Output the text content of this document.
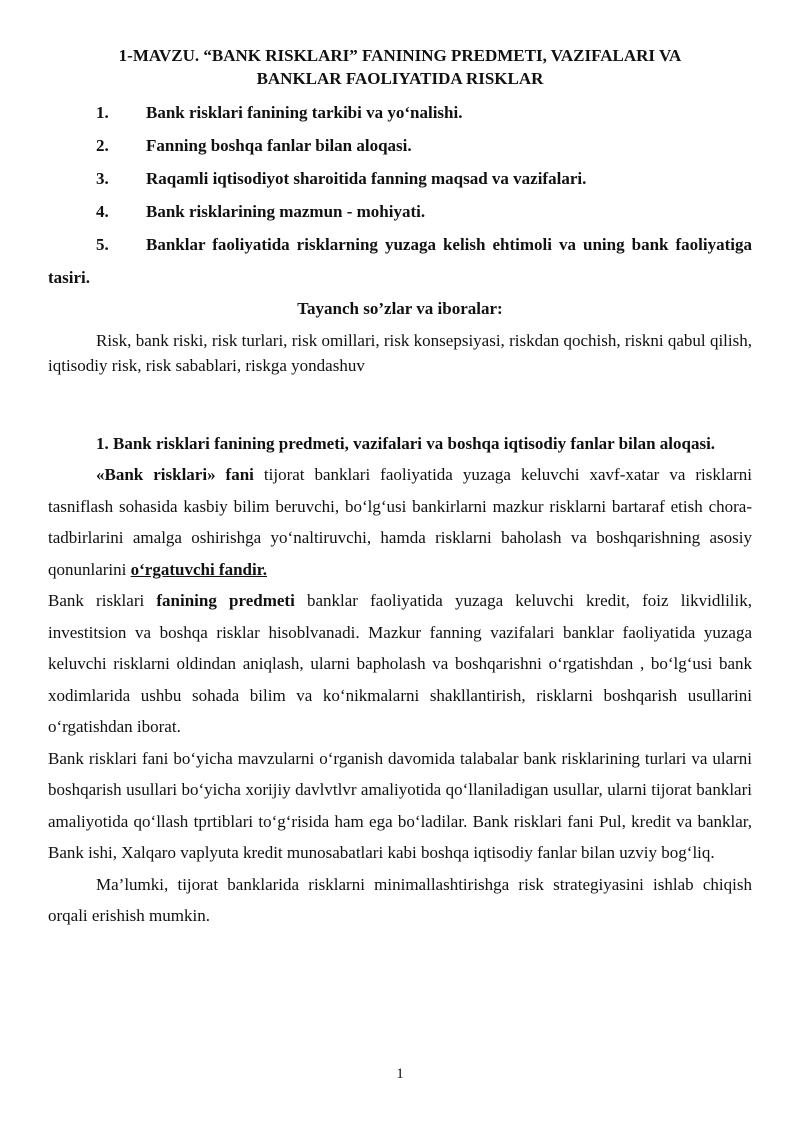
1-MAVZU. “BANK RISKLARI” FANINING PREDMETI, VAZIFALARI VA
BANKLAR FAOLIYATIDA RISKLAR
1. Bank risklari fanining tarkibi va yo‘nalishi.
2. Fanning boshqa fanlar bilan aloqasi.
3. Raqamli iqtisodiyot sharoitida fanning maqsad va vazifalari.
4. Bank risklarining mazmun - mohiyati.
5. Banklar faoliyatida risklarning yuzaga kelish ehtimoli va uning bank faoliyatiga tasiri.
Tayanch so’zlar va iboralar:

Risk, bank riski, risk turlari, risk omillari, risk konsepsiyasi, riskdan qochish, riskni qabul qilish, iqtisodiy risk, risk sabablari, riskga yondashuv

1. Bank risklari fanining predmeti, vazifalari va boshqa iqtisodiy fanlar bilan aloqasi.

«Bank risklari» fani tijorat banklari faoliyatida yuzaga keluvchi xavf-xatar va risklarni tasniflash sohasida kasbiy bilim beruvchi, bo‘lg‘usi bankirlarni mazkur risklarni bartaraf etish chora-tadbirlarini amalga oshirishga yo‘naltiruvchi, hamda risklarni baholash va boshqarishning asosiy qonunlarini o‘rgatuvchi fandir.

Bank risklari fanining predmeti banklar faoliyatida yuzaga keluvchi kredit, foiz likvidlilik, investitsion va boshqa risklar hisoblvanadi. Mazkur fanning vazifalari banklar faoliyatida yuzaga keluvchi risklarni oldindan aniqlash, ularni bapholash va boshqarishni o‘rgatishdan , bo‘lg‘usi bank xodimlarida ushbu sohada bilim va ko‘nikmalarni shakllantirish, risklarni boshqarish usullarini o‘rgatishdan iborat.

Bank risklari fani bo‘yicha mavzularni o‘rganish davomida talabalar bank risklarining turlari va ularni boshqarish usullari bo‘yicha xorijiy davlvtlvr amaliyotida qo‘llaniladigan usullar, ularni tijorat banklari amaliyotida qo‘llash tprtiblari to‘g‘risida ham ega bo‘ladilar. Bank risklari fani Pul, kredit va banklar, Bank ishi, Xalqaro vaplyuta kredit munosabatlari kabi boshqa iqtisodiy fanlar bilan uzviy bog‘liq.

Ma’lumki, tijorat banklarida risklarni minimallashtirishga risk strategiyasini ishlab chiqish orqali erishish mumkin.

1
